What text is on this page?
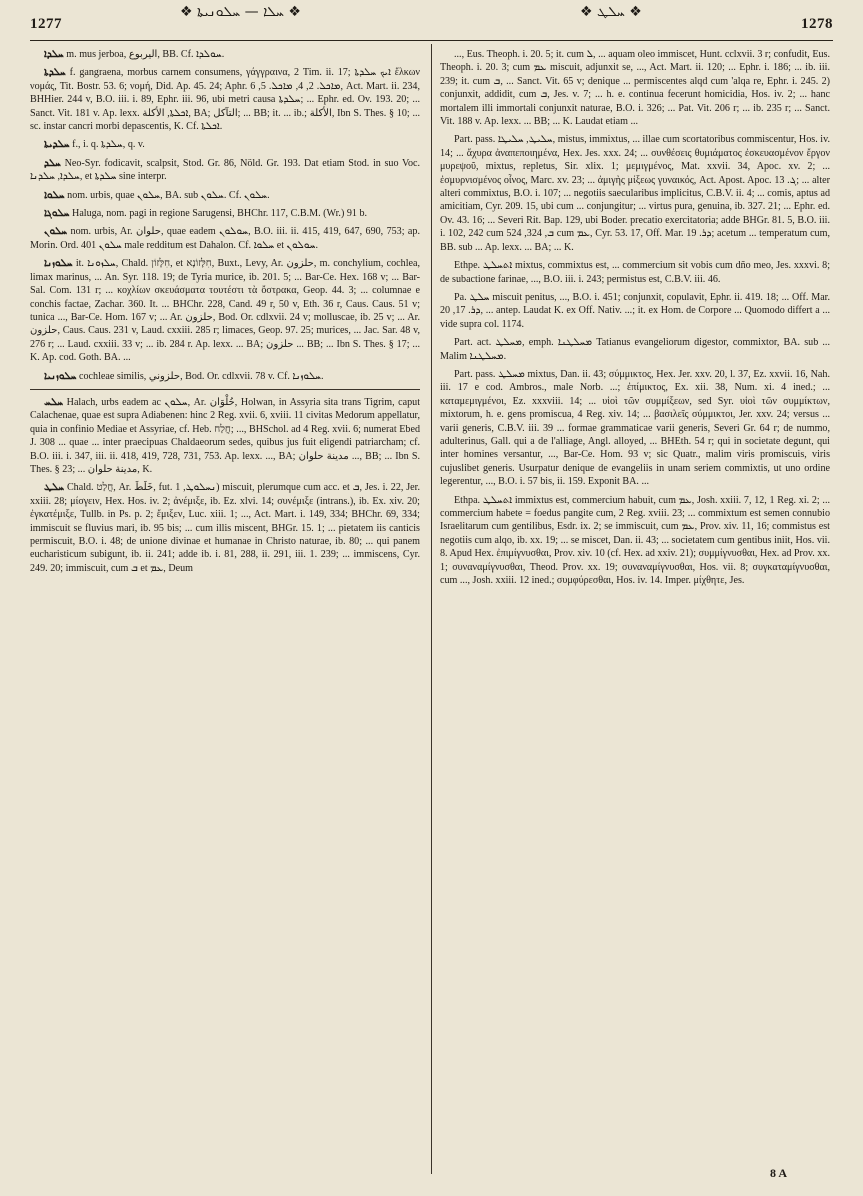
1277	1278
❖ ܚܠܐ — ܚܠܘܢܝܬܐ ❖	❖ ܚܠܛ ❖

ܚܠܕܐ m. mus jerboa, اليربوع, BB. Cf. ܚܘܠܕܐ.

ܚܠܕܬܐ f. gangraena, morbus carnem consumens, γάγγραινα, 2 Tim. ii. 17; ܐܝܟ ܚܠܕܬܐ ἕλκων νομάς, Tit. Bostr. 53. 6; νομή, Did. Ap. 45. 24; Aphr. ܡܐܟܠ. 2, 4, ܡܐܟܠ. 5, 6, Act. Mart. ii. 234, BHHier. 244 v, B.O. iii. i. 89, Ephr. iii. 96, ubi metri causa ܚܠܕܬܐ; ... Ephr. ed. Ov. 193. 20; ... Sanct. Vit. 181 v. Ap. lexx. ܐܟܠܬܐ, الأكلة, BA; التآكل; ... BB; it. ... ib.; الأكلة, Ibn S. Thes. § 10; ... sc. instar cancri morbi depascentis, K. Cf. ܐܟܠܬܐ.

ܚܠܕܝܬܐ f., i. q. ܚܠܕܬܐ, q. v.

ܚܠܕ Neo-Syr. fodicavit, scalpsit, Stod. Gr. 86, Nöld. Gr. 193. Dat etiam Stod. in suo Voc. ܚܠܕܐ, ܚܠܕܢܐ, et ܚܠܕܬܐ sine interpr.

ܚܠܘܐ nom. urbis, quae ܚܠܘܢ, BA. sub ܚܠܘܢ. Cf. ܚܠܘܢ.

ܚܠܘܓܐ Haluga, nom. pagi in regione Sarugensi, BHChr. 117, C.B.M. (Wr.) 91 b.

ܚܠܘܢ nom. urbis, Ar. حلوان, quae eadem ܚܘܠܘܢ, B.O. iii. ii. 415, 419, 647, 690, 753; ap. Morin. Ord. 401 ܚܠܘܢ male redditum est Dahalon. Cf. ܚܠܘܐ et ܚܘܠܘܢ.

ܚܠܘܙܢܐ it. ܚܠܙܘܢܐ, Chald. חִלָּזוֹן, et חִלָּזוֹנָא, Buxt., Levy, Ar. حلزون, m. conchylium, cochlea, limax marinus, ... An. Syr. 118. 19; de Tyria murice, ib. 201. 5; ... Bar-Ce. Hex. 168 v; ... Bar-Sal. Com. 131 r; ... κοχλίων σκευάσματα τουτέστι τὰ ὄστρακα, Geop. 44. 3; ... columnae e conchis factae, Zachar. 360. It. ... BHChr. 228, Cand. 49 r, 50 v, Eth. 36 r, Caus. Caus. 51 v; tunica ..., Bar-Ce. Hom. 167 v; ... Ar. حلزون, Bod. Or. cdlxvii. 24 v; molluscae, ib. 25 v; ... Ar. حلزون, Caus. Caus. 231 v, Laud. cxxiii. 285 r; limaces, Geop. 97. 25; murices, ... Jac. Sar. 48 v, 276 r; ... Laud. cxxiii. 33 v; ... ib. 284 r. Ap. lexx. ... BA; حلزون ... BB; ... Ibn S. Thes. § 17; ... K. Ap. cod. Goth. BA. ...

ܚܠܘܙܢܝܐ cochleae similis, حلزوني, Bod. Or. cdlxvii. 78 v. Cf. ܚܠܘܙܢܐ.

ܚܠܚ Halach, urbs eadem ac ܚܠܘܢ, Ar. حُلْوَان, Holwan, in Assyria sita trans Tigrim, caput Calachenae, quae est supra Adiabenen: hinc 2 Reg. xvii. 6, xviii. 11 civitas Medorum appellatur, quia in confinio Mediae et Assyriae, cf. Heb. חֲלַח; ..., BHSchol. ad 4 Reg. xvii. 6; numerat Ebed J. 308 ... quae ... inter praecipuas Chaldaeorum sedes, quibus jus fuit eligendi patriarcham; cf. B.O. iii. i. 347, iii. ii. 418, 419, 728, 731, 753. Ap. lexx. ..., BA; مدينة حلوان ..., BB; ... Ibn S. Thes. § 23; ... مدينة حلوان, K.

ܚܠܛ Chald. חֲלַט, Ar. خَلَطَ, fut. ܢܚܠܘܛ, 1) miscuit, plerumque cum acc. et ܒ, Jes. i. 22, Jer. xxiii. 28; μίσγειν, Hex. Hos. iv. 2; ἀνέμιξε, ib. Ez. xlvi. 14; συνέμιξε (intrans.), ib. Ex. xiv. 20; ἐγκατέμιξε, Tullb. in Ps. p. 2; ἔμιξεν, Luc. xiii. 1; ..., Act. Mart. i. 149, 334; BHChr. 69, 334; immiscuit se fluvius mari, ib. 95 bis; ... cum illis miscent, BHGr. 15. 1; ... pietatem iis canticis permiscuit, B.O. i. 48; de unione divinae et humanae in Christo naturae, ib. 80; ... qui panem eucharisticum subigunt, ib. ii. 241; adde ib. i. 81, 288, ii. 291, iii. 1. 239; ... immiscens, Cyr. 249. 20; immiscuit, cum ܒ et ܥܡ, Deum

..., Eus. Theoph. i. 20. 5; it. cum ܠ, ... aquam oleo immiscet, Hunt. cclxvii. 3 r; confudit, Eus. Theoph. i. 20. 3; cum ܥܡ miscuit, adjunxit se, ..., Act. Mart. ii. 120; ... Ephr. i. 186; ... ib. iii. 239; it. cum ܒ, ... Sanct. Vit. 65 v; denique ... permiscentes alqd cum 'alqa re, Ephr. i. 245. 2) conjunxit, addidit, cum ܒ, Jes. v. 7; ... h. e. continua fecerunt homicidia, Hos. iv. 2; ... hanc mortalem illi immortali conjunxit naturae, B.O. i. 326; ... Pat. Vit. 206 r; ... ib. 235 r; ... Sanct. Vit. 188 v. Ap. lexx. ... BB; ... K. Laudat etiam ...

Part. pass. ܚܠܝܛ, ܚܠܝܛܐ, mistus, immixtus, ... illae cum scortatoribus commiscentur, Hos. iv. 14; ... ἄχυρα ἀναπεποιημένα, Hex. Jes. xxx. 24; ... συνθέσεις θυμιάματος ἐσκευασμένον ἔργον μυρεψοῦ, mixtus, repletus, Sir. xlix. 1; μεμιγμένος, Mat. xxvii. 34, Apoc. xv. 2; ... ἐσμυρνισμένος οἶνος, Marc. xv. 23; ... ἀμιγὴς μίξεως γυναικός, Act. Apost. Apoc. ܓ. 13; ... alter alteri commixtus, B.O. i. 107; ... negotiis saecularibus implicitus, C.B.V. ii. 4; ... comis, aptus ad amicitiam, Cyr. 209. 15, ubi cum ... conjungitur; ... virtus pura, genuina, ib. 327. 21; ... Ephr. ed. Ov. 43. 16; ... Severi Rit. Bap. 129, ubi Boder. precatio exercitatoria; adde BHGr. 81. 5, B.O. iii. i. 102, 242 cum ܒ, 324, 524 cum ܥܡ, Cyr. 53. 17, Off. Mar. ܕܪ. 19; acetum ... temperatum cum, BB. sub ... Ap. lexx. ... BA; ... K.

Ethpe. ܐܬܚܠܛ mixtus, commixtus est, ... commercium sit vobis cum dño meo, Jes. xxxvi. 8; de subactione farinae, ..., B.O. iii. i. 243; permistus est, C.B.V. iii. 46.

Pa. ܚܠܛ miscuit penitus, ..., B.O. i. 451; conjunxit, copulavit, Ephr. ii. 419. 18; ... Off. Mar. ܕܪ. 17, 20, ... antep. Laudat K. ex Off. Nativ. ...; it. ex Hom. de Corpore ... Quomodo differt a ... vide supra col. 1174.

Part. act. ܡܚܠܛ, emph. ܡܚܠܛܢܐ Tatianus evangeliorum digestor, commixtor, BA. sub ... Malim ܡܚܠܛܢܐ.

Part. pass. ܡܚܠܛ mixtus, Dan. ii. 43; σύμμικτος, Hex. Jer. xxv. 20, l. 37, Ez. xxvii. 16, Nah. iii. 17 e cod. Ambros., male Norb. ...; ἐπίμικτος, Ex. xii. 38, Num. xi. 4 ined.; ... καταμεμιγμένοι, Ez. xxxviii. 14; ... υἱοὶ τῶν συμμίξεων, sed Syr. υἱοὶ τῶν συμμίκτων, mixtorum, h. e. gens promiscua, 4 Reg. xiv. 14; ... βασιλεῖς σύμμικτοι, Jer. xxv. 24; versus ... varii generis, C.B.V. iii. 39 ... formae grammaticae varii generis, Severi Gr. 64 r; de nummo, adulterinus, Gall. qui a de l'alliage, Angl. alloyed, ... BHEth. 54 r; qui in societate degunt, qui inter homines versantur, ..., Bar-Ce. Hom. 93 v; sic Quatr., malim viris promiscuis, viris cujuslibet generis. Usurpatur denique de evangeliis in unam seriem commixtis, ut uno ordine legerentur, ..., B.O. i. 57 bis, ii. 159. Exponit BA. ...

Ethpa. ܐܬܚܠܛ immixtus est, commercium habuit, cum ܥܡ, Josh. xxiii. 7, 12, 1 Reg. xi. 2; ... commercium habete = foedus pangite cum, 2 Reg. xviii. 23; ... commixtum est semen connubio Israelitarum cum gentilibus, Esdr. ix. 2; se immiscuit, cum ܥܡ, Prov. xiv. 11, 16; commistus est negotiis cum alqo, ib. xx. 19; ... se miscet, Dan. ii. 43; ... societatem cum gentibus iniit, Hos. vii. 8. Apud Hex. ἐπιμίγνυσθαι, Prov. xiv. 10 (cf. Hex. ad xxiv. 21); συμμίγνυσθαι, Hex. ad Prov. xx. 1; συναναμίγνυσθαι, Theod. Prov. xx. 19; συναναμίγνυσθαι, Hos. vii. 8; συγκαταμίγνυσθαι, cum ..., Josh. xxiii. 12 ined.; συμφύρεσθαι, Hos. iv. 14. Imper. μίχθητε, Jes.

8 A
